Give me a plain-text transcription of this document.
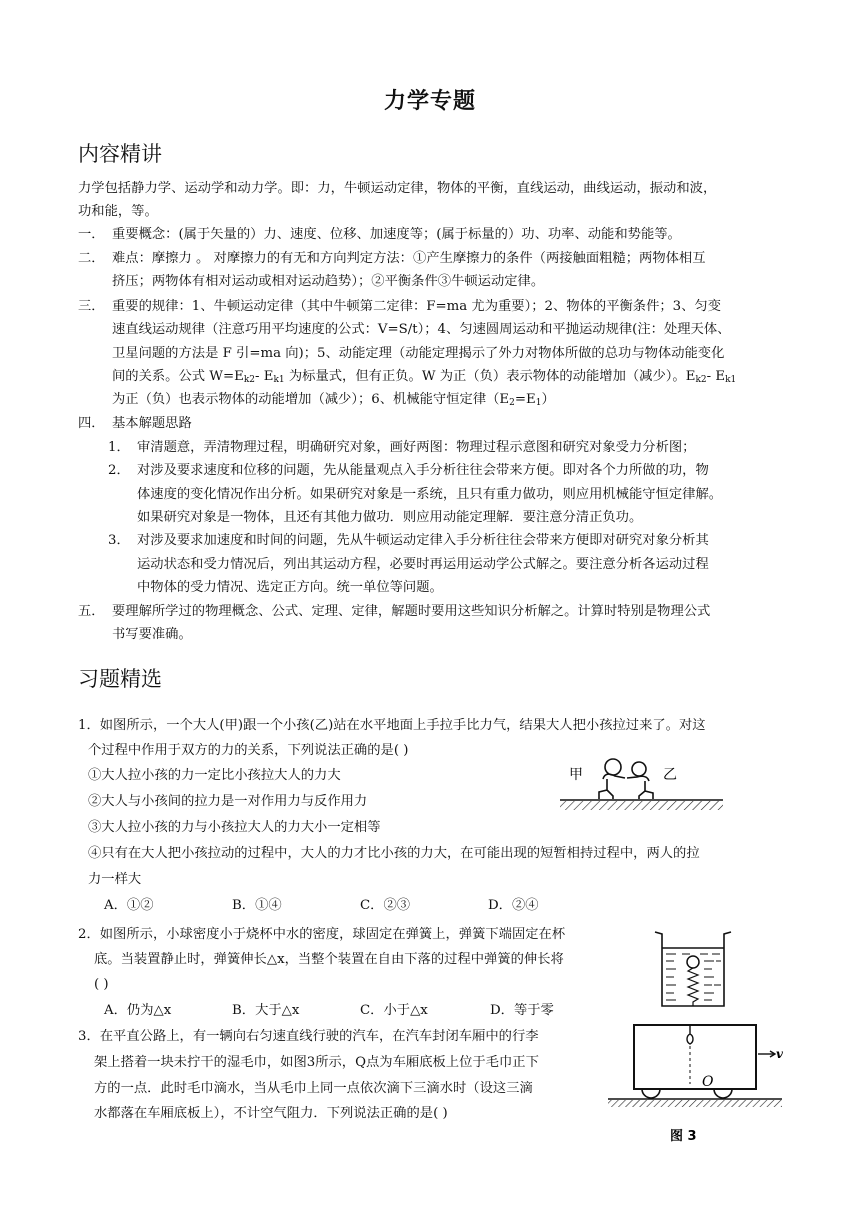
力学专题
内容精讲
力学包括静力学、运动学和动力学。即：力，牛顿运动定律，物体的平衡，直线运动，曲线运动，振动和波，
功和能，等。
一． 重要概念：(属于矢量的）力、速度、位移、加速度等；(属于标量的）功、功率、动能和势能等。
二． 难点：摩擦力 。 对摩擦力的有无和方向判定方法：①产生摩擦力的条件（两接触面粗糙；两物体相互
挤压；两物体有相对运动或相对运动趋势）；②平衡条件③牛顿运动定律。
三． 重要的规律：1、牛顿运动定律（其中牛顿第二定律：F=ma 尤为重要）；2、物体的平衡条件；3、匀变
速直线运动规律（注意巧用平均速度的公式：V=S/t）；4、匀速圆周运动和平抛运动规律(注：处理天体、
卫星问题的方法是 F 引=ma 向)；5、动能定理（动能定理揭示了外力对物体所做的总功与物体动能变化
间的关系。公式 $W=E_{k2}-$ $E_{k1}$ 为标量式，但有正负。W 为正（负）表示物体的动能增加（减少）。$E_{k2}-$ $E_{k1}$
为正（负）也表示物体的动能增加（减少）；6、机械能守恒定律$(E_2=E_1)$
四． 基本解题思路
1． 审清题意，弄清物理过程，明确研究对象，画好两图：物理过程示意图和研究对象受力分析图；
2． 对涉及要求速度和位移的问题，先从能量观点入手分析往往会带来方便。即对各个力所做的功，物
体速度的变化情况作出分析。如果研究对象是一系统，且只有重力做功，则应用机械能守恒定律解。
如果研究对象是一物体，且还有其他力做功．则应用动能定理解．要注意分清正负功。
3． 对涉及要求加速度和时间的问题，先从牛顿运动定律入手分析往往会带来方便即对研究对象分析其
运动状态和受力情况后，列出其运动方程，必要时再运用运动学公式解之。要注意分析各运动过程
中物体的受力情况、选定正方向。统一单位等问题。
五． 要理解所学过的物理概念、公式、定理、定律，解题时要用这些知识分析解之。计算时特别是物理公式
书写要准确。
习题精选
1．如图所示，一个大人(甲)跟一个小孩(乙)站在水平地面上手拉手比力气，结果大人把小孩拉过来了。对这
个过程中作用于双方的力的关系，下列说法正确的是( )
①大人拉小孩的力一定比小孩拉大人的力大
②大人与小孩间的拉力是一对作用力与反作用力
③大人拉小孩的力与小孩拉大人的力大小一定相等
④只有在大人把小孩拉动的过程中，大人的力才比小孩的力大，在可能出现的短暂相持过程中，两人的拉
力一样大
A．①②	B．①④	C．②③	D．②④
甲	乙
2．如图所示，小球密度小于烧杯中水的密度，球固定在弹簧上，弹簧下端固定在杯
底。当装置静止时，弹簧伸长△x，当整个装置在自由下落的过程中弹簧的伸长将
( )
A．仍为△x	B．大于△x	C．小于△x	D．等于零
3．在平直公路上，有一辆向右匀速直线行驶的汽车，在汽车封闭车厢中的行李
架上搭着一块未拧干的湿毛巾，如图3所示，Q点为车厢底板上位于毛巾正下
方的一点．此时毛巾滴水，当从毛巾上同一点依次滴下三滴水时（设这三滴
水都落在车厢底板上），不计空气阻力．下列说法正确的是( )
O
v
图 3
